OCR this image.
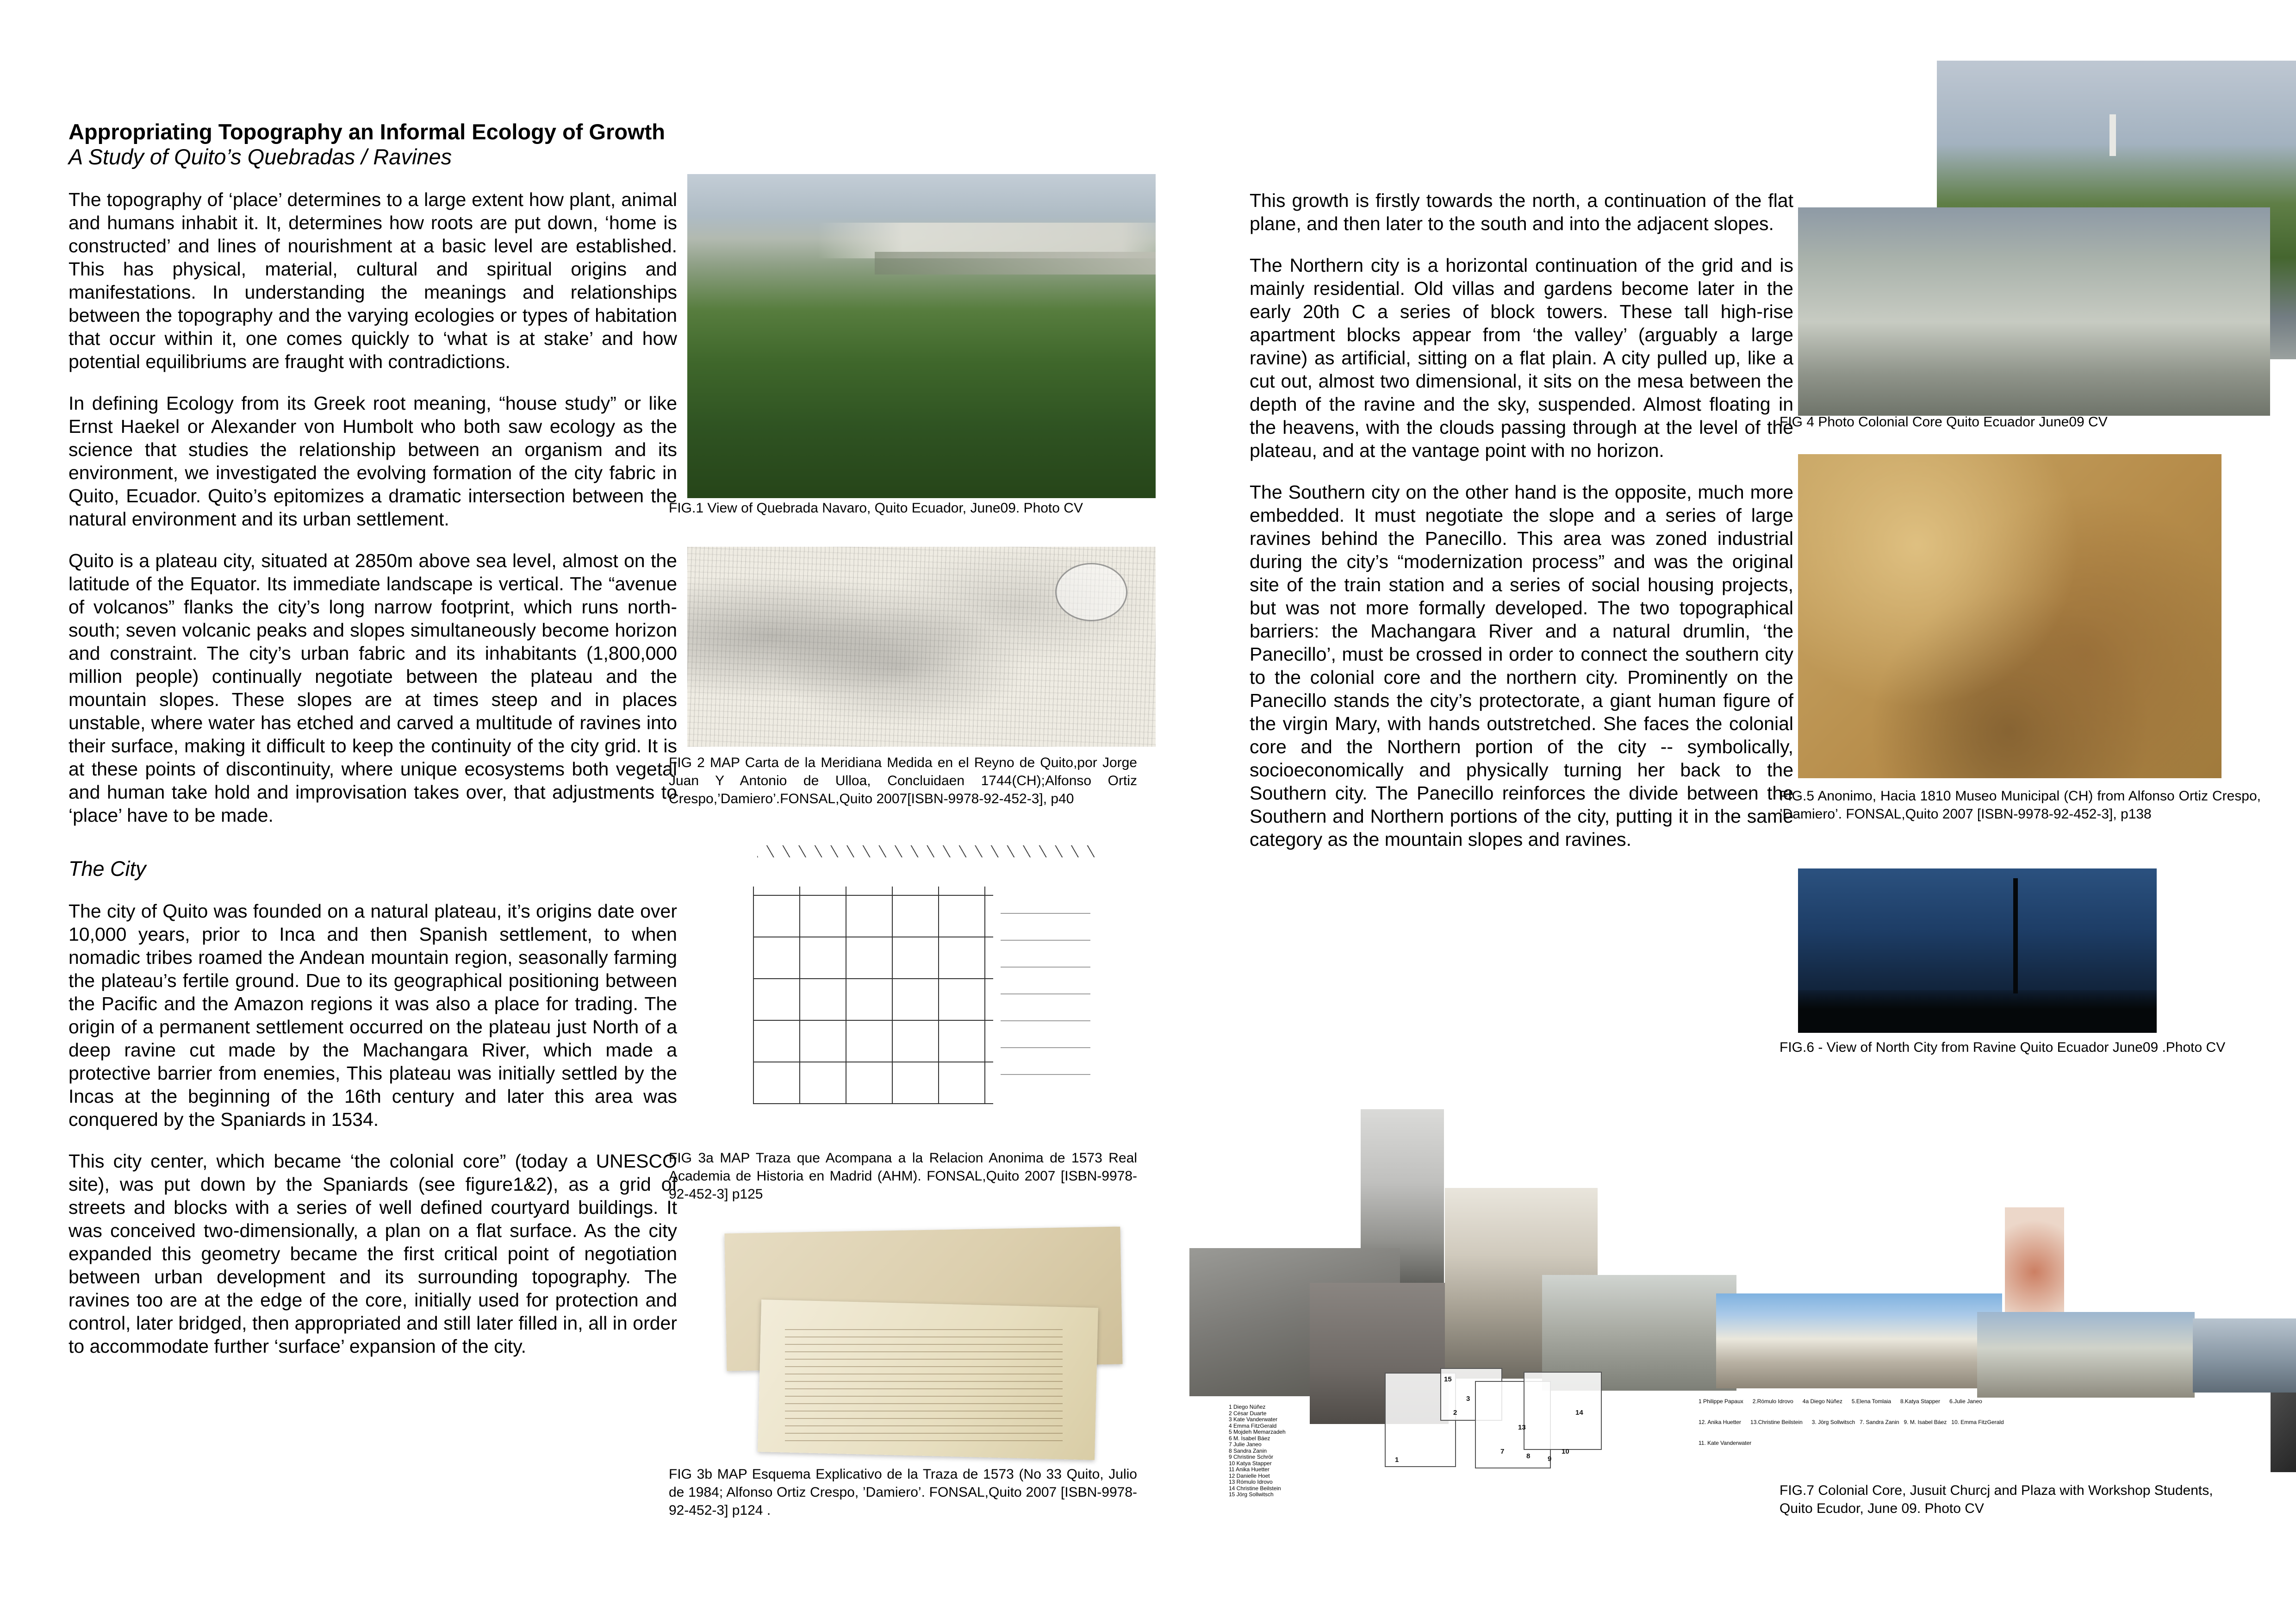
Appropriating Topography an Informal Ecology of Growth
A Study of Quito’s Quebradas / Ravines

The topography of ‘place’ determines to a large extent how plant, animal and humans inhabit it. It, determines how roots are put down, ‘home is constructed’ and lines of nourishment at a basic level are established. This has physical, material, cultural and spiritual origins and manifestations. In understanding the meanings and relationships between the topography and the varying ecologies or types of habitation that occur within it, one comes quickly to ‘what is at stake’ and how potential equilibriums are fraught with contradictions.

In defining Ecology from its Greek root meaning, “house study” or like Ernst Haekel or Alexander von Humbolt who both saw ecology as the science that studies the relationship between an organism and its environment, we investigated the evolving formation of the city fabric in Quito, Ecuador. Quito’s epitomizes a dramatic intersection between the natural environment and its urban settlement.

Quito is a plateau city, situated at 2850m above sea level, almost on the latitude of the Equator. Its immediate landscape is vertical. The “avenue of volcanos” flanks the city’s long narrow footprint, which runs north-south; seven volcanic peaks and slopes simultaneously become horizon and constraint. The city’s urban fabric and its inhabitants (1,800,000 million people) continually negotiate between the plateau and the mountain slopes. These slopes are at times steep and in places unstable, where water has etched and carved a multitude of ravines into their surface, making it difficult to keep the continuity of the city grid. It is at these points of discontinuity, where unique ecosystems both vegetal and human take hold and improvisation takes over, that adjustments to ‘place’ have to be made.

The City

The city of Quito was founded on a natural plateau, it’s origins date over 10,000 years, prior to Inca and then Spanish settlement, to when nomadic tribes roamed the Andean mountain region, seasonally farming the plateau’s fertile ground. Due to its geographical positioning between the Pacific and the Amazon regions it was also a place for trading. The origin of a permanent settlement occurred on the plateau just North of a deep ravine cut made by the Machangara River, which made a protective barrier from enemies, This plateau was initially settled by the Incas at the beginning of the 16th century and later this area was conquered by the Spaniards in 1534.

This city center, which became ‘the colonial core” (today a UNESCO site), was put down by the Spaniards (see figure1&2), as a grid of streets and blocks with a series of well defined courtyard buildings. It was conceived two-dimensionally, a plan on a flat surface. As the city expanded this geometry became the first critical point of negotiation between urban development and its surrounding topography. The ravines too are at the edge of the core, initially used for protection and control, later bridged, then appropriated and still later filled in, all in order to accommodate further ‘surface’ expansion of the city.

This growth is firstly towards the north, a continuation of the flat plane, and then later to the south and into the adjacent slopes.

The Northern city is a horizontal continuation of the grid and is mainly residential. Old villas and gardens become later in the early 20th C a series of block towers. These tall high-rise apartment blocks appear from ‘the valley’ (arguably a large ravine) as artificial, sitting on a flat plain. A city pulled up, like a cut out, almost two dimensional, it sits on the mesa between the depth of the ravine and the sky, suspended. Almost floating in the heavens, with the clouds passing through at the level of the plateau, and at the vantage point with no horizon.

The Southern city on the other hand is the opposite, much more embedded. It must negotiate the slope and a series of large ravines behind the Panecillo. This area was zoned industrial during the city’s “modernization process” and was the original site of the train station and a series of social housing projects, but was not more formally developed. The two topographical barriers: the Machangara River and a natural drumlin, ‘the Panecillo’, must be crossed in order to connect the southern city to the colonial core and the northern city. Prominently on the Panecillo stands the city’s protectorate, a giant human figure of the virgin Mary, with hands outstretched. She faces the colonial core and the Northern portion of the city -- symbolically, socioeconomically and physically turning her back to the Southern city. The Panecillo reinforces the divide between the Southern and Northern portions of the city, putting it in the same category as the mountain slopes and ravines.

FIG.1 View of Quebrada Navaro, Quito Ecuador, June09. Photo CV
FIG 2 MAP Carta de la Meridiana Medida en el Reyno de Quito,por Jorge Juan Y Antonio de Ulloa, Concluidaen 1744(CH);Alfonso Ortiz Crespo,’Damiero’.FONSAL,Quito 2007[ISBN-9978-92-452-3], p40
FIG 3a MAP Traza que Acompana a la Relacion Anonima de 1573 Real Academia de Historia en Madrid (AHM). FONSAL,Quito 2007 [ISBN-9978-92-452-3] p125
FIG 3b MAP Esquema Explicativo de la Traza de 1573 (No 33 Quito, Julio de 1984; Alfonso Ortiz Crespo, ’Damiero’. FONSAL,Quito 2007 [ISBN-9978-92-452-3] p124 .
FIG 4 Photo Colonial Core Quito Ecuador June09 CV
FIG.5 Anonimo, Hacia 1810 Museo Municipal (CH) from Alfonso Ortiz Crespo, ’Damiero’. FONSAL,Quito 2007 [ISBN-9978-92-452-3], p138
FIG.6 - View of North City from Ravine Quito Ecuador June09 .Photo CV
1
2
3
7
8	9
10
13
14
15
1 Diego Núñez
2 César Duarte
3 Kate Vanderwater
4 Emma FitzGerald
5 Mojdeh Memarzadeh
6 M. Isabel Báez
7 Julie Janeo
8 Sandra Zanin
9 Christine Schrör
10 Katya Stapper
11 Anika Huetter
12 Danielle Hoet
13 Rómulo Idrovo
14 Christine Beilstein
15 Jörg Sollwitsch

1 Philippe Papaux      2.Rómulo Idrovo      4a Diego Núñez      5.Elena Tomlaia      8.Katya Stapper      6.Julie Janeo

12. Anika Huetter      13.Christine Beilstein      3. Jörg Sollwitsch   7. Sandra Zanin   9. M. Isabel Báez   10. Emma FitzGerald

11. Kate Vanderwater

FIG.7 Colonial Core, Jusuit Churcj and Plaza with Workshop Students, Quito Ecudor, June 09. Photo CV
